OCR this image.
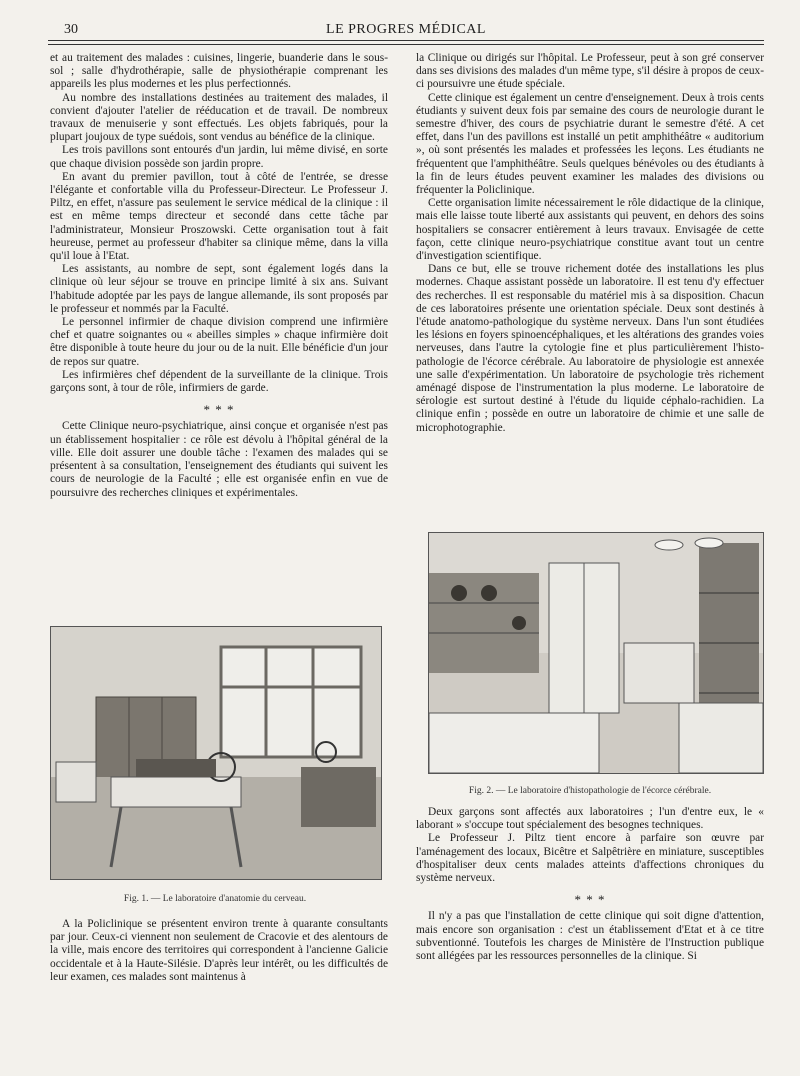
30	LE PROGRES MÉDICAL

et au traitement des malades : cuisines, lingerie, buanderie dans le sous-sol ; salle d'hydrothérapie, salle de physiothérapie comprenant les appareils les plus modernes et les plus perfectionnés.

Au nombre des installations destinées au traitement des malades, il convient d'ajouter l'atelier de rééducation et de travail. De nombreux travaux de menuiserie y sont effectués. Les objets fabriqués, pour la plupart joujoux de type suédois, sont vendus au bénéfice de la clinique.

Les trois pavillons sont entourés d'un jardin, lui même divisé, en sorte que chaque division possède son jardin propre.

En avant du premier pavillon, tout à côté de l'entrée, se dresse l'élégante et confortable villa du Professeur-Directeur. Le Professeur J. Piltz, en effet, n'assure pas seulement le service médical de la clinique : il est en même temps directeur et secondé dans cette tâche par l'administrateur, Monsieur Proszowski. Cette organisation tout à fait heureuse, permet au professeur d'habiter sa clinique même, dans la villa qu'il loue à l'Etat.

Les assistants, au nombre de sept, sont également logés dans la clinique où leur séjour se trouve en principe limité à six ans. Suivant l'habitude adoptée par les pays de langue allemande, ils sont proposés par le professeur et nommés par la Faculté.

Le personnel infirmier de chaque division comprend une infirmière chef et quatre soignantes ou « abeilles simples » chaque infirmière doit être disponible à toute heure du jour ou de la nuit. Elle bénéficie d'un jour de repos sur quatre.

Les infirmières chef dépendent de la surveillante de la clinique. Trois garçons sont, à tour de rôle, infirmiers de garde.

* * *

Cette Clinique neuro-psychiatrique, ainsi conçue et organisée n'est pas un établissement hospitalier : ce rôle est dévolu à l'hôpital général de la ville. Elle doit assurer une double tâche : l'examen des malades qui se présentent à sa consultation, l'enseignement des étudiants qui suivent les cours de neurologie de la Faculté ; elle est organisée enfin en vue de poursuivre des recherches cliniques et expérimentales.

Fig. 1. — Le laboratoire d'anatomie du cerveau.

A la Policlinique se présentent environ trente à quarante consultants par jour. Ceux-ci viennent non seulement de Cracovie et des alentours de la ville, mais encore des territoires qui correspondent à l'ancienne Galicie occidentale et à la Haute-Silésie. D'après leur intérêt, ou les difficultés de leur examen, ces malades sont maintenus à

la Clinique ou dirigés sur l'hôpital. Le Professeur, peut à son gré conserver dans ses divisions des malades d'un même type, s'il désire à propos de ceux-ci poursuivre une étude spéciale.

Cette clinique est également un centre d'enseignement. Deux à trois cents étudiants y suivent deux fois par semaine des cours de neurologie durant le semestre d'hiver, des cours de psychiatrie durant le semestre d'été. A cet effet, dans l'un des pavillons est installé un petit amphithéâtre « auditorium », où sont présentés les malades et professées les leçons. Les étudiants ne fréquentent que l'amphithéâtre. Seuls quelques bénévoles ou des étudiants à la fin de leurs études peuvent examiner les malades des divisions ou fréquenter la Policlinique.

Cette organisation limite nécessairement le rôle didactique de la clinique, mais elle laisse toute liberté aux assistants qui peuvent, en dehors des soins hospitaliers se consacrer entièrement à leurs travaux. Envisagée de cette façon, cette clinique neuro-psychiatrique constitue avant tout un centre d'investigation scientifique.

Dans ce but, elle se trouve richement dotée des installations les plus modernes. Chaque assistant possède un laboratoire. Il est tenu d'y effectuer des recherches. Il est responsable du matériel mis à sa disposition. Chacun de ces laboratoires présente une orientation spéciale. Deux sont destinés à l'étude anatomo-pathologique du système nerveux. Dans l'un sont étudiées les lésions en foyers spinoencéphaliques, et les altérations des grandes voies nerveuses, dans l'autre la cytologie fine et plus particulièrement l'histo-pathologie de l'écorce cérébrale. Au laboratoire de physiologie est annexée une salle d'expérimentation. Un laboratoire de psychologie très richement aménagé dispose de l'instrumentation la plus moderne. Le laboratoire de sérologie est surtout destiné à l'étude du liquide céphalo-rachidien. La clinique enfin ; possède en outre un laboratoire de chimie et une salle de microphotographie.

Fig. 2. — Le laboratoire d'histopathologie de l'écorce cérébrale.

Deux garçons sont affectés aux laboratoires ; l'un d'entre eux, le « laborant » s'occupe tout spécialement des besognes techniques.

Le Professeur J. Piltz tient encore à parfaire son œuvre par l'aménagement des locaux, Bicêtre et Salpêtrière en miniature, susceptibles d'hospitaliser deux cents malades atteints d'affections chroniques du système nerveux.

* * *

Il n'y a pas que l'installation de cette clinique qui soit digne d'attention, mais encore son organisation : c'est un établissement d'Etat et à ce titre subventionné. Toutefois les charges de Ministère de l'Instruction publique sont allégées par les ressources personnelles de la clinique. Si
